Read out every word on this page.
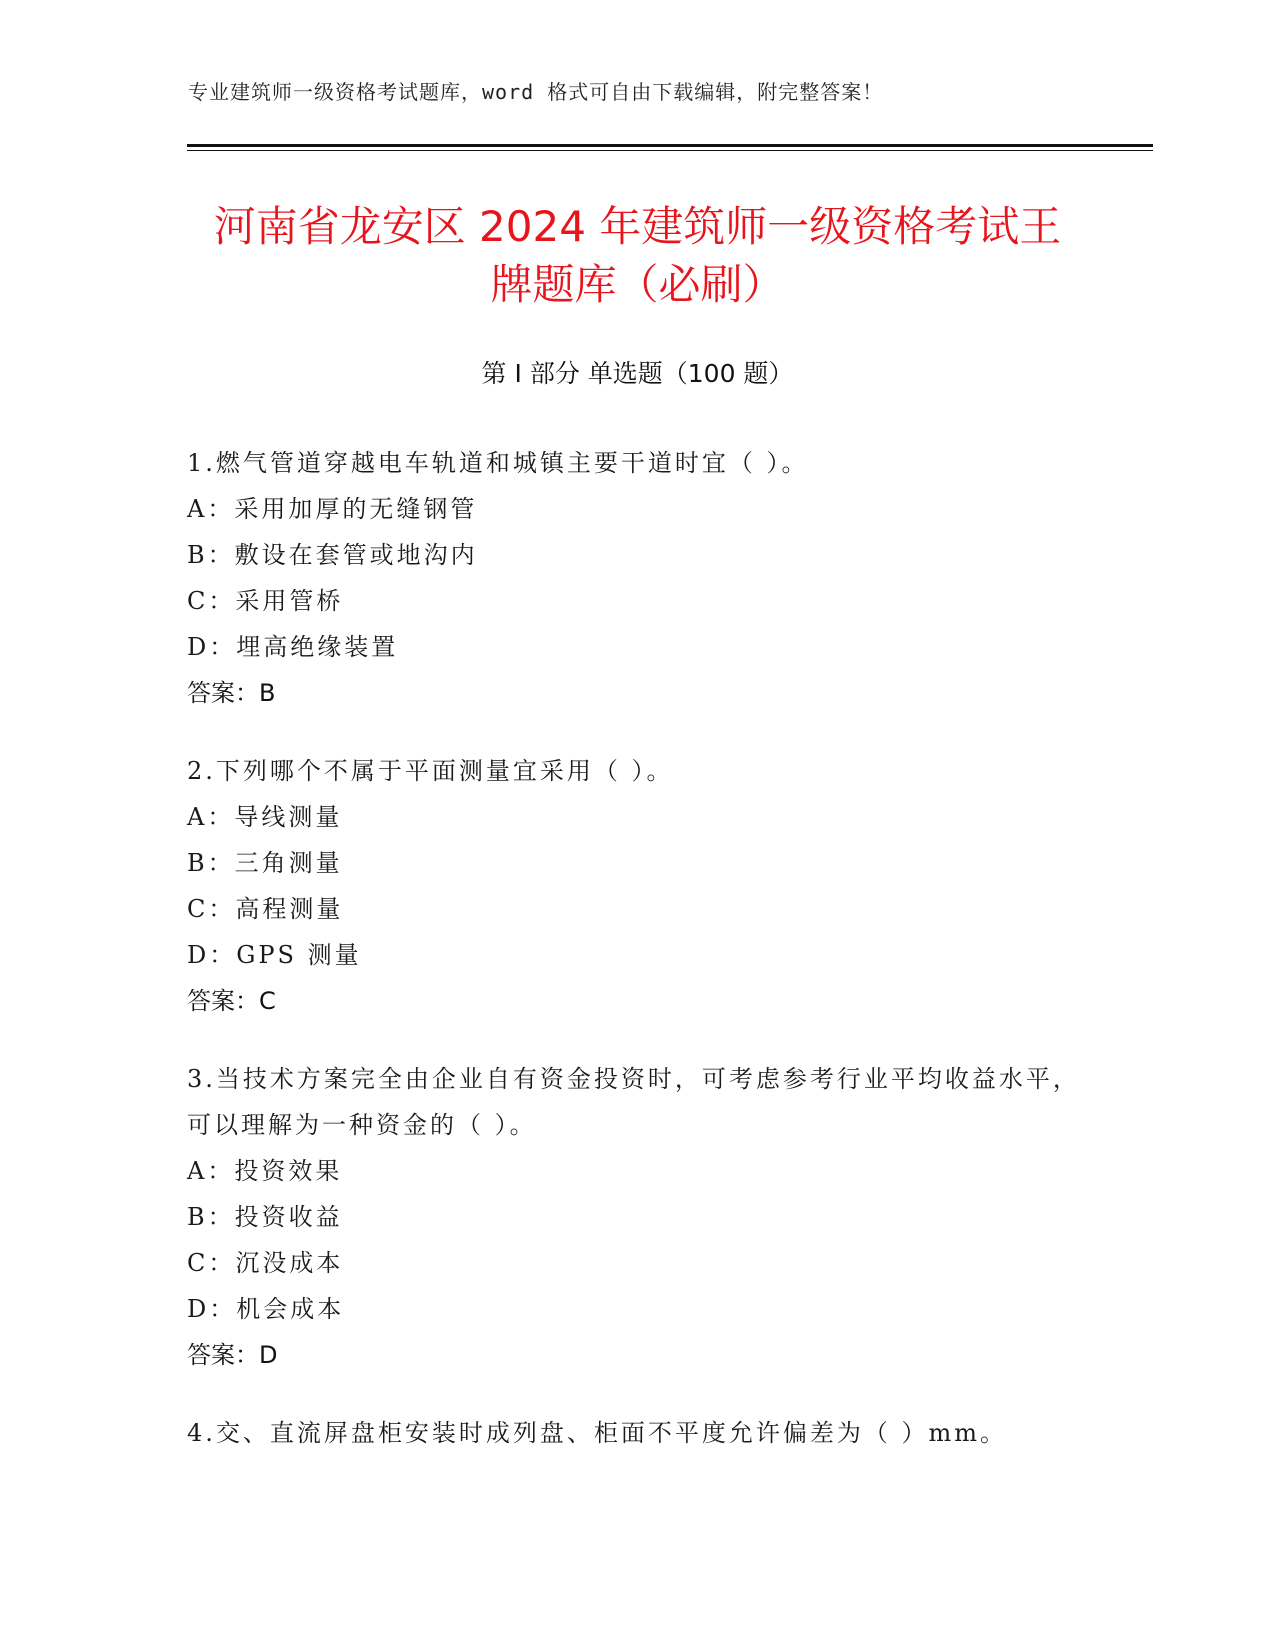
专业建筑师一级资格考试题库，word 格式可自由下载编辑，附完整答案！
河南省龙安区 2024 年建筑师一级资格考试王
牌题库（必刷）
第 I 部分 单选题（100 题）
1.燃气管道穿越电车轨道和城镇主要干道时宜（ ）。
A：采用加厚的无缝钢管
B：敷设在套管或地沟内
C：采用管桥
D：埋高绝缘装置
答案：B
2.下列哪个不属于平面测量宜采用（ ）。
A：导线测量
B：三角测量
C：高程测量
D：GPS 测量
答案：C
3.当技术方案完全由企业自有资金投资时，可考虑参考行业平均收益水平，可以理解为一种资金的（ ）。
A：投资效果
B：投资收益
C：沉没成本
D：机会成本
答案：D
4.交、直流屏盘柜安装时成列盘、柜面不平度允许偏差为（ ）mm。
